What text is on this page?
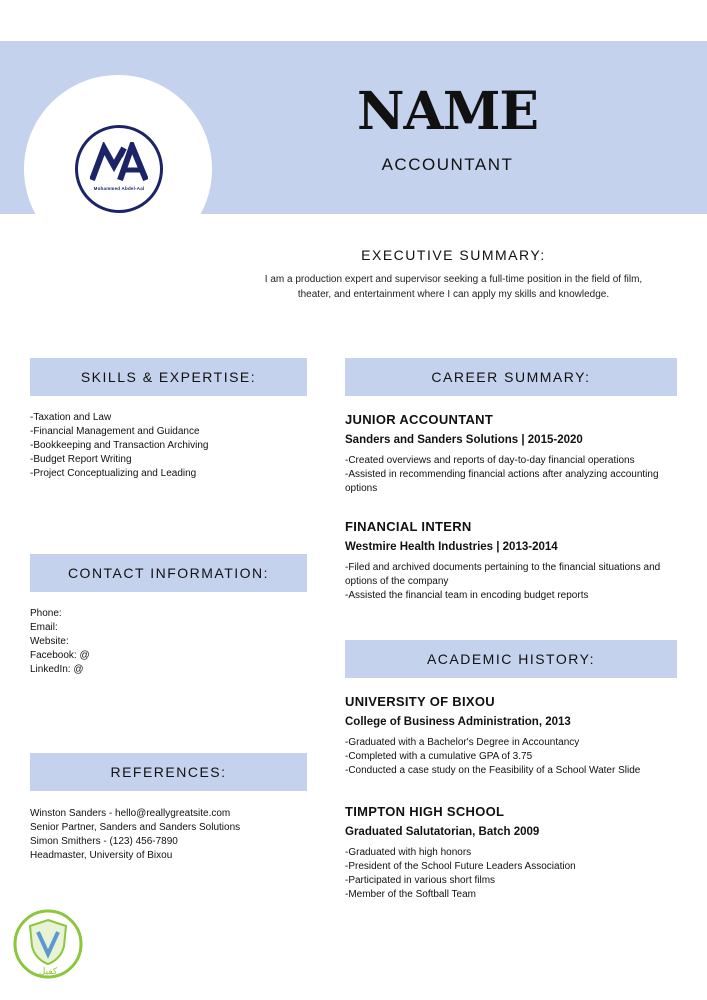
Mohammed Abdel-Aal
NAME
ACCOUNTANT
EXECUTIVE SUMMARY:
I am a production expert and supervisor seeking a full-time position in the field of film,
theater, and entertainment where I can apply my skills and knowledge.
SKILLS & EXPERTISE:
-Taxation and Law
-Financial Management and Guidance
-Bookkeeping and Transaction Archiving
-Budget Report Writing
-Project Conceptualizing and Leading
CONTACT INFORMATION:
Phone:
Email:
Website:
Facebook: @
LinkedIn: @
REFERENCES:
Winston Sanders - hello@reallygreatsite.com
Senior Partner, Sanders and Sanders Solutions
Simon Smithers - (123) 456-7890
Headmaster, University of Bixou
CAREER SUMMARY:
JUNIOR ACCOUNTANT
Sanders and Sanders Solutions | 2015-2020
-Created overviews and reports of day-to-day financial operations
-Assisted in recommending financial actions after analyzing accounting
options
FINANCIAL INTERN
Westmire Health Industries | 2013-2014
-Filed and archived documents pertaining to the financial situations and
options of the company
-Assisted the financial team in encoding budget reports
ACADEMIC HISTORY:
UNIVERSITY OF BIXOU
College of Business Administration, 2013
-Graduated with a Bachelor's Degree in Accountancy
-Completed with a cumulative GPA of 3.75
-Conducted a case study on the Feasibility of a School Water Slide
TIMPTON HIGH SCHOOL
Graduated Salutatorian, Batch 2009
-Graduated with high honors
-President of the School Future Leaders Association
-Participated in various short films
-Member of the Softball Team
كفيل
